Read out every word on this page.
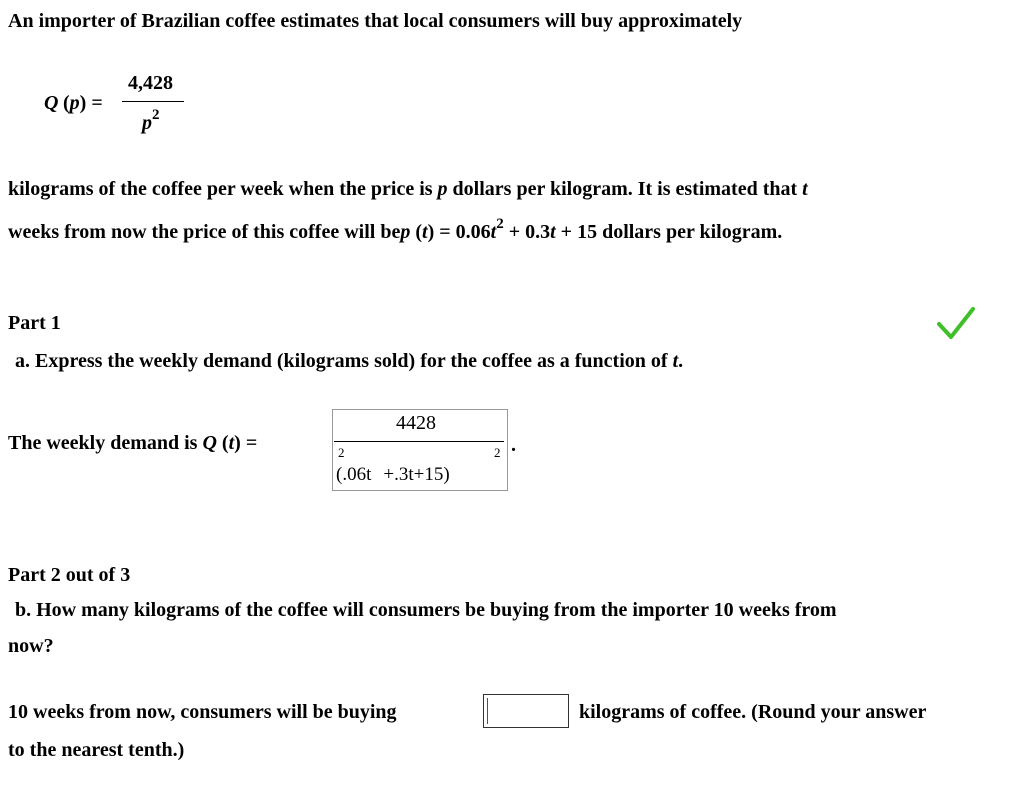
An importer of Brazilian coffee estimates that local consumers will buy approximately
Q (p) =
4,428
$p^2$
kilograms of the coffee per week when the price is p dollars per kilogram. It is estimated that t
weeks from now the price of this coffee will bep $(t) = 0.06t^2 + 0.3t + 15$ dollars per kilogram.
Part 1
a. Express the weekly demand (kilograms sold) for the coffee as a function of t.
The weekly demand is Q (t) =
4428
2	2
(.06t +.3t+15)
.
Part 2 out of 3
b. How many kilograms of the coffee will consumers be buying from the importer 10 weeks from
now?
10 weeks from now, consumers will be buying	kilograms of coffee. (Round your answer
to the nearest tenth.)
